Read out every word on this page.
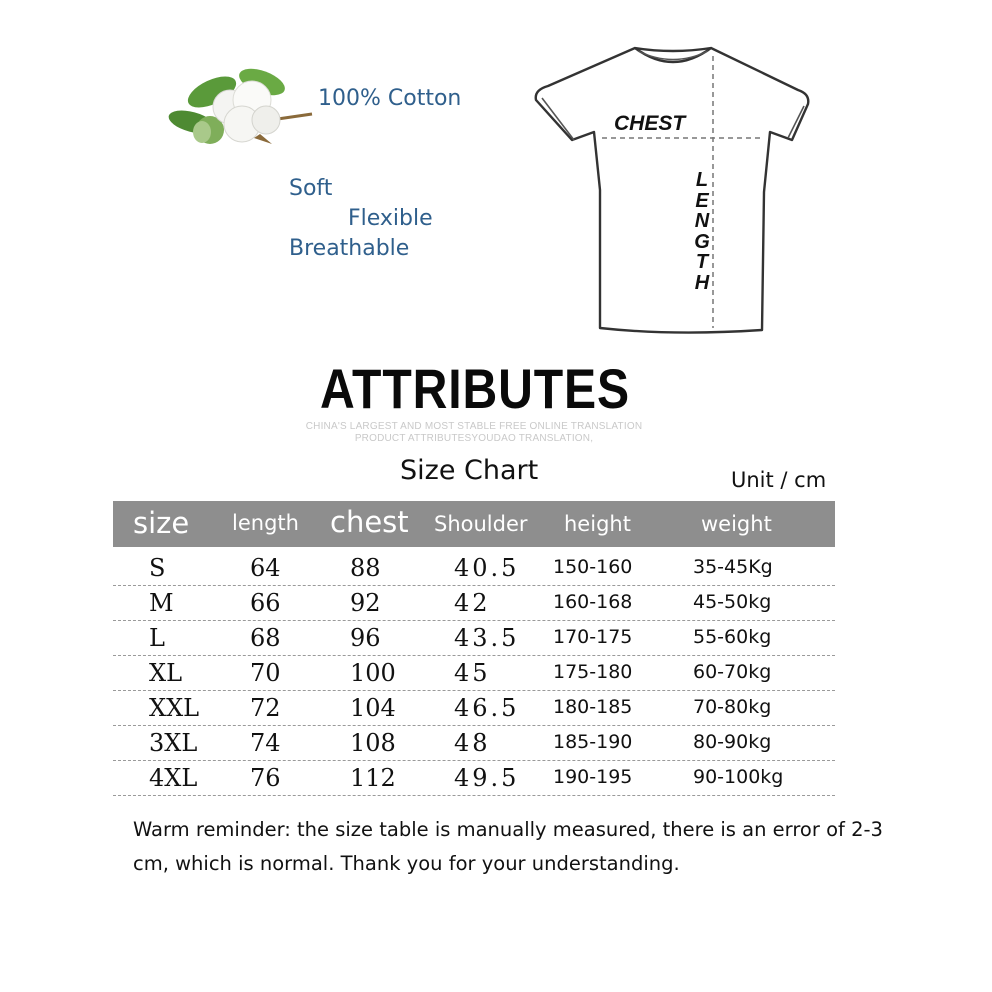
100% Cotton
Soft
Flexible
Breathable
CHEST
L
E
N
G
T
H
ATTRIBUTES
CHINA'S LARGEST AND MOST STABLE FREE ONLINE TRANSLATION
PRODUCT ATTRIBUTESYOUDAO TRANSLATION,
Size Chart	Unit / cm
size length chest Shoulder height	weight
S	64	88	40.5 150-160	35-45Kg
M	66	92	42	160-168	45-50kg
L	68	96	43.5 170-175	55-60kg
XL	70	100 45	175-180	60-70kg
XXL 72	104 46.5 180-185	70-80kg
3XL 74	108 48	185-190	80-90kg
4XL 76	112 49.5 190-195	90-100kg
Warm reminder: the size table is manually measured, there is an error of 2-3 cm, which is normal. Thank you for your understanding.
